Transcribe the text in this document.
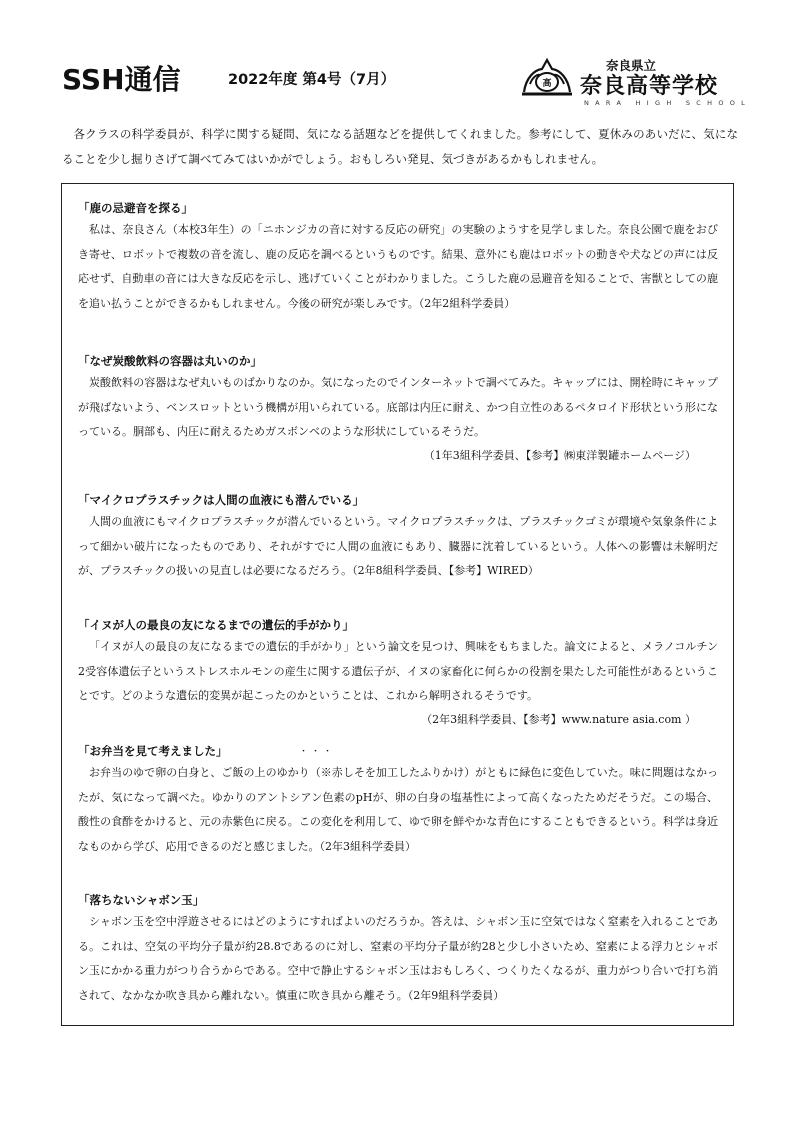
SSH通信	2022年度 第4号（7月）	高
奈良県立
奈良高等学校
NARA HIGH SCHOOL
各クラスの科学委員が、科学に関する疑問、気になる話題などを提供してくれました。参考にして、夏休みのあいだに、気になることを少し掘りさげて調べてみてはいかがでしょう。おもしろい発見、気づきがあるかもしれません。
「鹿の忌避音を探る」

私は、奈良さん（本校3年生）の「ニホンジカの音に対する反応の研究」の実験のようすを見学しました。奈良公園で鹿をおびき寄せ、ロボットで複数の音を流し、鹿の反応を調べるというものです。結果、意外にも鹿はロボットの動きや犬などの声には反応せず、自動車の音には大きな反応を示し、逃げていくことがわかりました。こうした鹿の忌避音を知ることで、害獣としての鹿を追い払うことができるかもしれません。今後の研究が楽しみです。（2年2組科学委員）

「なぜ炭酸飲料の容器は丸いのか」

炭酸飲料の容器はなぜ丸いものばかりなのか。気になったのでインターネットで調べてみた。キャップには、開栓時にキャップが飛ばないよう、ベンスロットという機構が用いられている。底部は内圧に耐え、かつ自立性のあるペタロイド形状という形になっている。胴部も、内圧に耐えるためガスボンベのような形状にしているそうだ。

（1年3組科学委員、【参考】㈱東洋製罐ホームページ）
「マイクロプラスチックは人間の血液にも潜んでいる」

人間の血液にもマイクロプラスチックが潜んでいるという。マイクロプラスチックは、プラスチックゴミが環境や気象条件によって細かい破片になったものであり、それがすでに人間の血液にもあり、臓器に沈着しているという。人体への影響は未解明だが、プラスチックの扱いの見直しは必要になるだろう。（2年8組科学委員、【参考】WIRED）

「イヌが人の最良の友になるまでの遺伝的手がかり」

「イヌが人の最良の友になるまでの遺伝的手がかり」という論文を見つけ、興味をもちました。論文によると、メラノコルチン2受容体遺伝子というストレスホルモンの産生に関する遺伝子が、イヌの家畜化に何らかの役割を果たした可能性があるということです。どのような遺伝的変異が起こったのかということは、これから解明されるそうです。

（2年3組科学委員、【参考】www.nature asia.com ）
「お弁当を見て考えました」

お弁当のゆで卵の白身と、ご飯の上のゆかり（※赤しそを加工したふりかけ）がともに緑色に変色していた。味に問題はなかったが、気になって調べた。ゆかりのアントシアン色素のpHが、卵の白身の塩基性によって高くなったためだそうだ。この場合、酸性の食酢をかけると、元の赤紫色に戻る。この変化を利用して、ゆで卵を鮮やかな青色にすることもできるという。科学は身近なものから学び、応用できるのだと感じました。（2年3組科学委員）

「落ちないシャボン玉」

シャボン玉を空中浮遊させるにはどのようにすればよいのだろうか。答えは、シャボン玉に空気ではなく窒素を入れることである。これは、空気の平均分子量が約28.8であるのに対し、窒素の平均分子量が約28と少し小さいため、窒素による浮力とシャボン玉にかかる重力がつり合うからである。空中で静止するシャボン玉はおもしろく、つくりたくなるが、重力がつり合いで打ち消されて、なかなか吹き具から離れない。慎重に吹き具から離そう。（2年9組科学委員）

・・・
